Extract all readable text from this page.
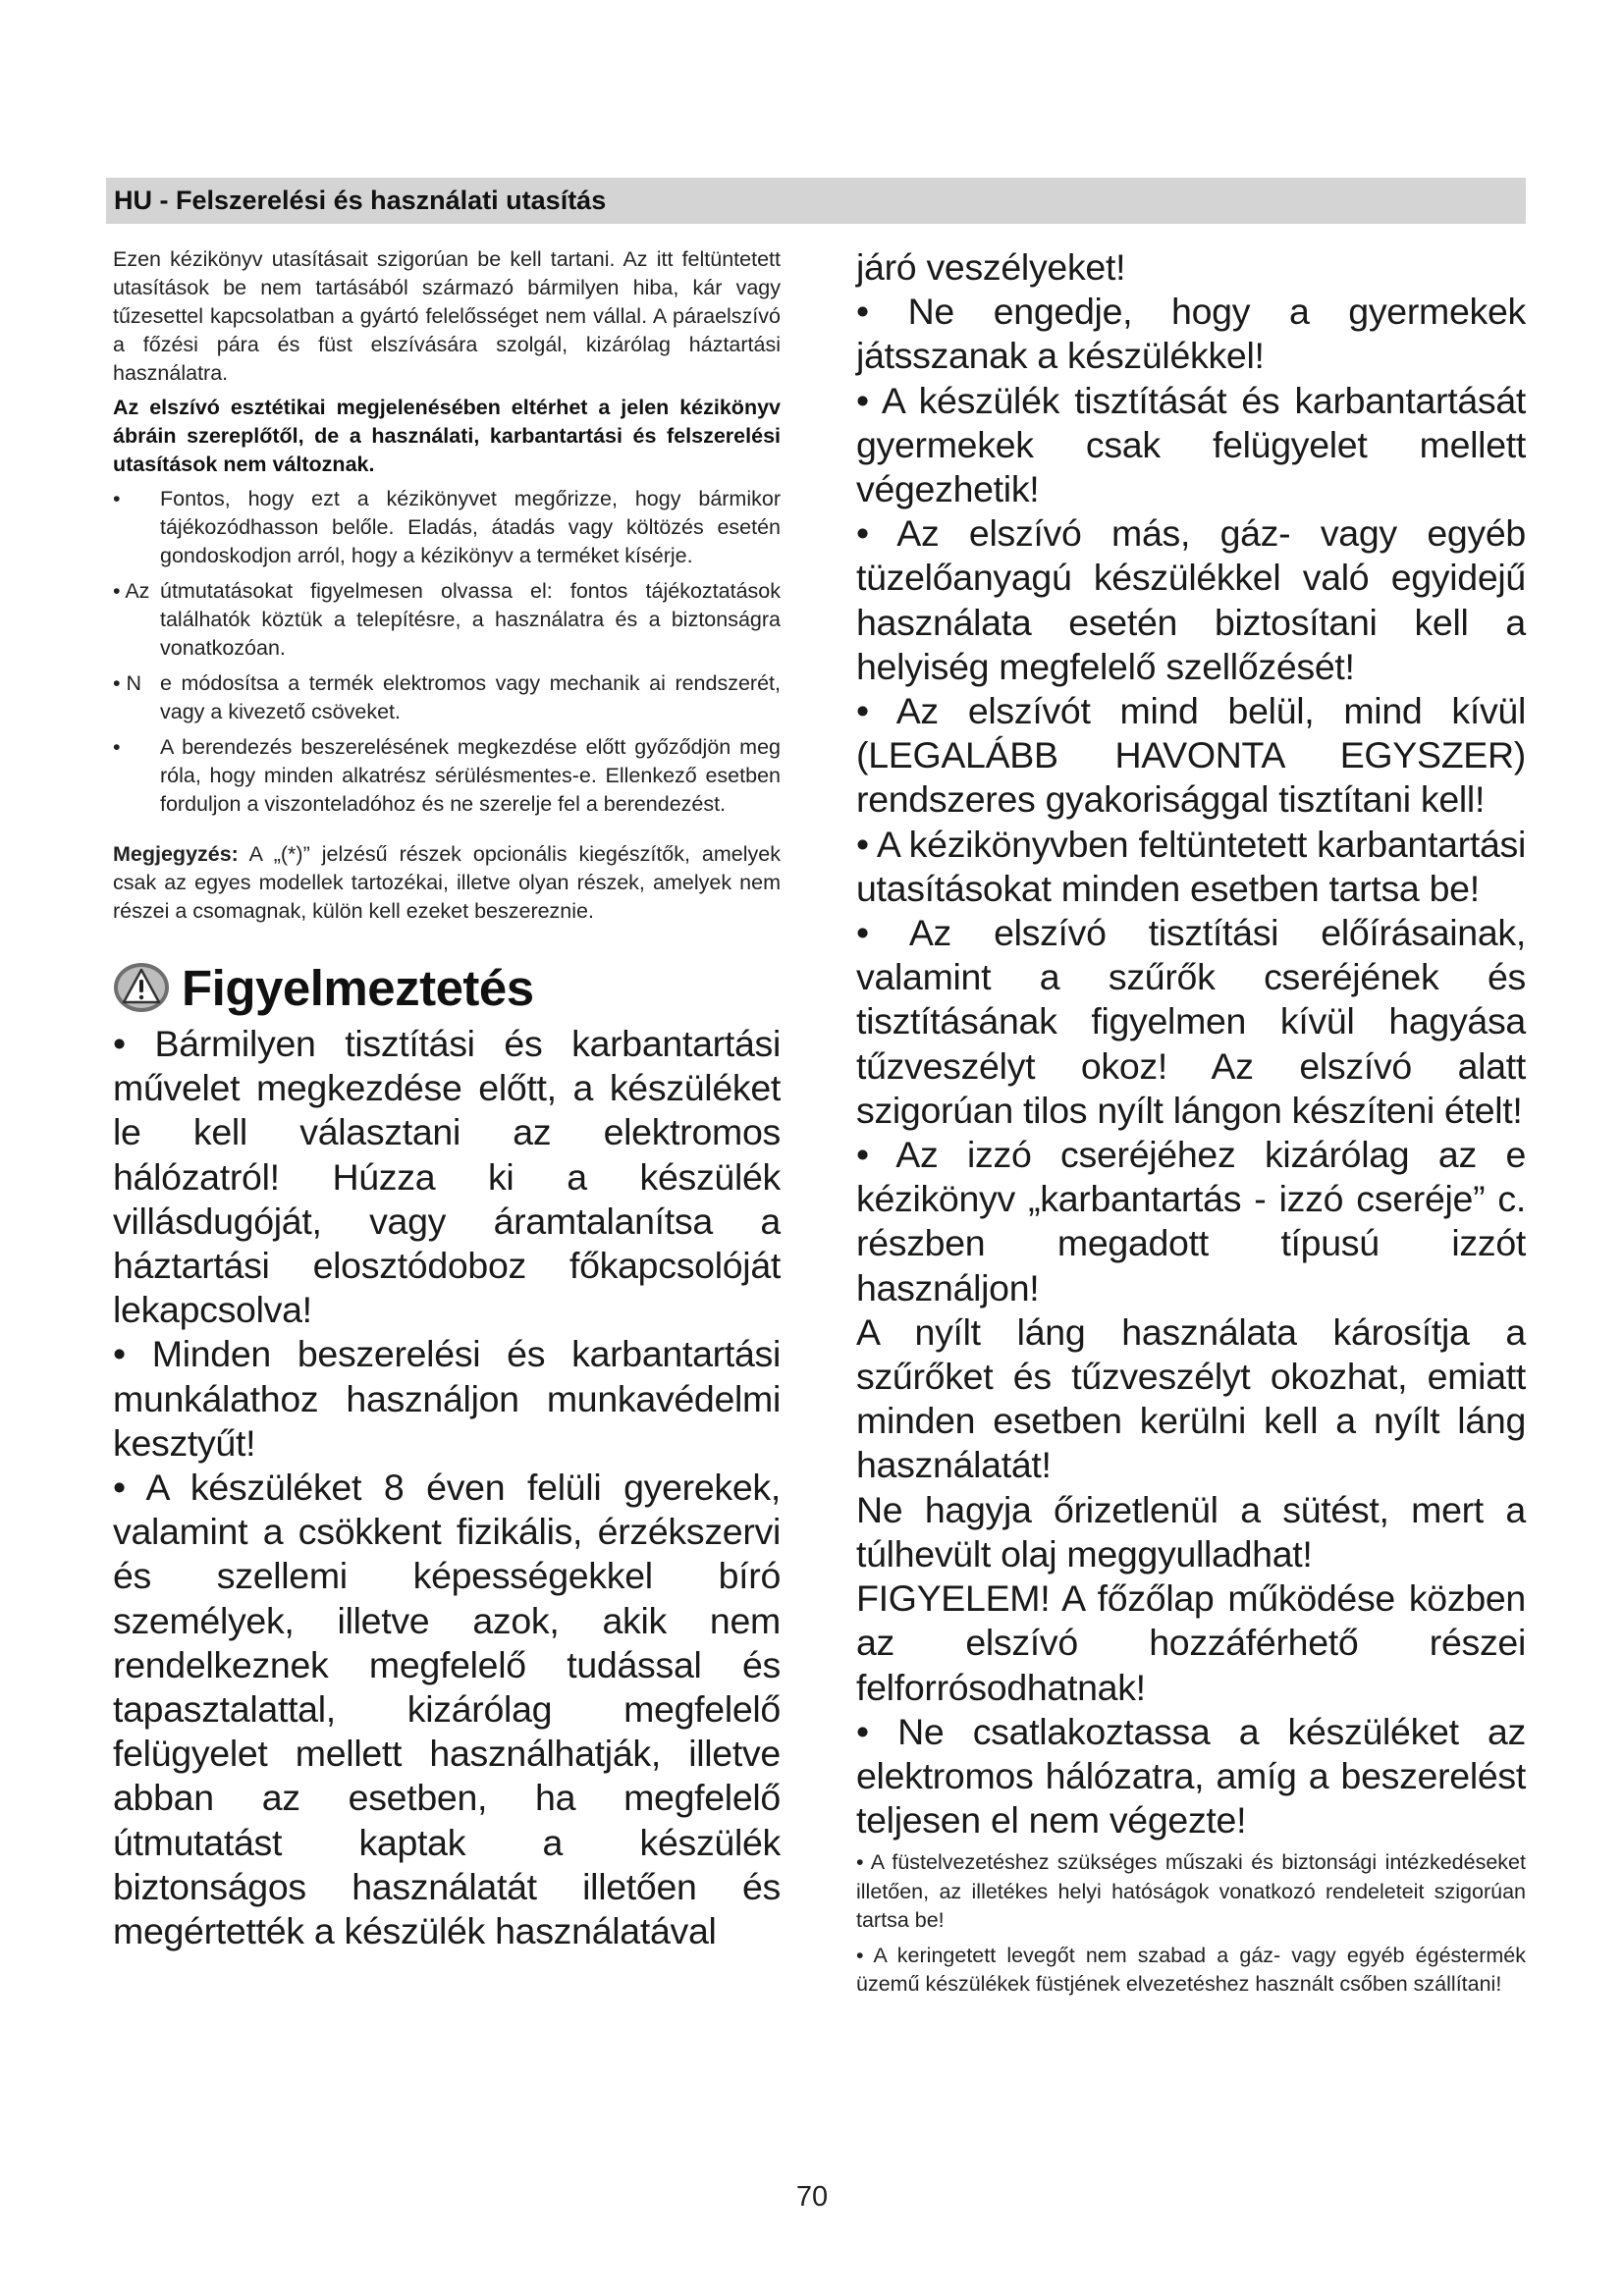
HU - Felszerelési és használati utasítás

Ezen kézikönyv utasításait szigorúan be kell tartani. Az itt feltüntetett utasítások be nem tartásából származó bármilyen hiba, kár vagy tűzesettel kapcsolatban a gyártó felelősséget nem vállal. A páraelszívó a főzési pára és füst elszívására szolgál, kizárólag háztartási használatra.

Az elszívó esztétikai megjelenésében eltérhet a jelen kézikönyv ábráin szereplőtől, de a használati, karbantartási és felszerelési utasítások nem változnak.

• Fontos, hogy ezt a kézikönyvet megőrizze, hogy bármikor tájékozódhasson belőle. Eladás, átadás vagy költözés esetén gondoskodjon arról, hogy a kézikönyv a terméket kísérje.
• Az útmutatásokat figyelmesen olvassa el: fontos tájékoztatások találhatók köztük a telepítésre, a használatra és a biztonságra vonatkozóan.
• N e módosítsa a termék elektromos vagy mechanik ai rendszerét, vagy a kivezető csöveket.
• A berendezés beszerelésének megkezdése előtt győződjön meg róla, hogy minden alkatrész sérülésmentes-e. Ellenkező esetben forduljon a viszonteladóhoz és ne szerelje fel a berendezést.

Megjegyzés: A „(*)” jelzésű részek opcionális kiegészítők, amelyek csak az egyes modellek tartozékai, illetve olyan részek, amelyek nem részei a csomagnak, külön kell ezeket beszereznie.

Figyelmeztetés

• Bármilyen tisztítási és karbantartási művelet megkezdése előtt, a készüléket le kell választani az elektromos hálózatról! Húzza ki a készülék villásdugóját, vagy áramtalanítsa a háztartási elosztódoboz főkapcsolóját lekapcsolva!

• Minden beszerelési és karbantartási munkálathoz használjon munkavédelmi kesztyűt!

• A készüléket 8 éven felüli gyerekek, valamint a csökkent fizikális, érzékszervi és szellemi képességekkel bíró személyek, illetve azok, akik nem rendelkeznek megfelelő tudással és tapasztalattal, kizárólag megfelelő felügyelet mellett használhatják, illetve abban az esetben, ha megfelelő útmutatást kaptak a készülék biztonságos használatát illetően és megértették a készülék használatával

járó veszélyeket!

• Ne engedje, hogy a gyermekek játsszanak a készülékkel!

• A készülék tisztítását és karbantartását gyermekek csak felügyelet mellett végezhetik!

• Az elszívó más, gáz- vagy egyéb tüzelőanyagú készülékkel való egyidejű használata esetén biztosítani kell a helyiség megfelelő szellőzését!

• Az elszívót mind belül, mind kívül (LEGALÁBB HAVONTA EGYSZER) rendszeres gyakorisággal tisztítani kell!

• A kézikönyvben feltüntetett karbantartási utasításokat minden esetben tartsa be!

• Az elszívó tisztítási előírásainak, valamint a szűrők cseréjének és tisztításának figyelmen kívül hagyása tűzveszélyt okoz! Az elszívó alatt szigorúan tilos nyílt lángon készíteni ételt!

• Az izzó cseréjéhez kizárólag az e kézikönyv „karbantartás - izzó cseréje” c. részben megadott típusú izzót használjon!

A nyílt láng használata károsítja a szűrőket és tűzveszélyt okozhat, emiatt minden esetben kerülni kell a nyílt láng használatát!

Ne hagyja őrizetlenül a sütést, mert a túlhevült olaj meggyulladhat!

FIGYELEM! A főzőlap működése közben az elszívó hozzáférhető részei felforrósodhatnak!

• Ne csatlakoztassa a készüléket az elektromos hálózatra, amíg a beszerelést teljesen el nem végezte!

• A füstelvezetéshez szükséges műszaki és biztonsági intézkedéseket illetően, az illetékes helyi hatóságok vonatkozó rendeleteit szigorúan tartsa be!

• A keringetett levegőt nem szabad a gáz- vagy egyéb égéstermék üzemű készülékek füstjének elvezetéshez használt csőben szállítani!

70
